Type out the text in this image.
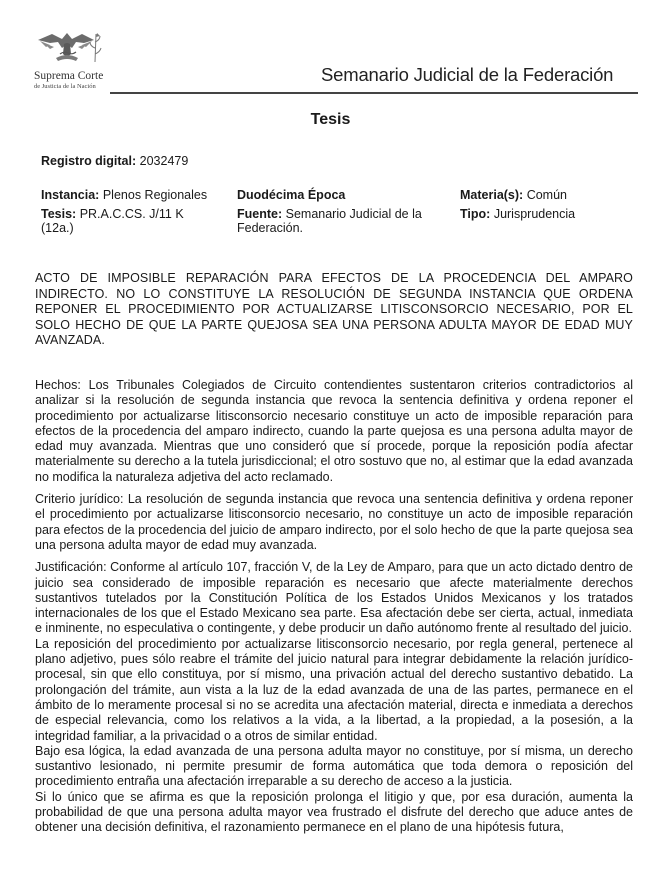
Suprema Corte
de Justicia de la Nación
Semanario Judicial de la Federación
Tesis
Registro digital: 2032479
Instancia: Plenos Regionales	Duodécima Época	Materia(s): Común
Tesis: PR.A.C.CS. J/11 K (12a.)
Fuente: Semanario Judicial de la Federación.
Tipo: Jurisprudencia
ACTO DE IMPOSIBLE REPARACIÓN PARA EFECTOS DE LA PROCEDENCIA DEL AMPARO INDIRECTO. NO LO CONSTITUYE LA RESOLUCIÓN DE SEGUNDA INSTANCIA QUE ORDENA REPONER EL PROCEDIMIENTO POR ACTUALIZARSE LITISCONSORCIO NECESARIO, POR EL SOLO HECHO DE QUE LA PARTE QUEJOSA SEA UNA PERSONA ADULTA MAYOR DE EDAD MUY AVANZADA.

Hechos: Los Tribunales Colegiados de Circuito contendientes sustentaron criterios contradictorios al analizar si la resolución de segunda instancia que revoca la sentencia definitiva y ordena reponer el procedimiento por actualizarse litisconsorcio necesario constituye un acto de imposible reparación para efectos de la procedencia del amparo indirecto, cuando la parte quejosa es una persona adulta mayor de edad muy avanzada. Mientras que uno consideró que sí procede, porque la reposición podía afectar materialmente su derecho a la tutela jurisdiccional; el otro sostuvo que no, al estimar que la edad avanzada no modifica la naturaleza adjetiva del acto reclamado.

Criterio jurídico: La resolución de segunda instancia que revoca una sentencia definitiva y ordena reponer el procedimiento por actualizarse litisconsorcio necesario, no constituye un acto de imposible reparación para efectos de la procedencia del juicio de amparo indirecto, por el solo hecho de que la parte quejosa sea una persona adulta mayor de edad muy avanzada.

Justificación: Conforme al artículo 107, fracción V, de la Ley de Amparo, para que un acto dictado dentro de juicio sea considerado de imposible reparación es necesario que afecte materialmente derechos sustantivos tutelados por la Constitución Política de los Estados Unidos Mexicanos y los tratados internacionales de los que el Estado Mexicano sea parte. Esa afectación debe ser cierta, actual, inmediata e inminente, no especulativa o contingente, y debe producir un daño autónomo frente al resultado del juicio.

La reposición del procedimiento por actualizarse litisconsorcio necesario, por regla general, pertenece al plano adjetivo, pues sólo reabre el trámite del juicio natural para integrar debidamente la relación jurídico-procesal, sin que ello constituya, por sí mismo, una privación actual del derecho sustantivo debatido. La prolongación del trámite, aun vista a la luz de la edad avanzada de una de las partes, permanece en el ámbito de lo meramente procesal si no se acredita una afectación material, directa e inmediata a derechos de especial relevancia, como los relativos a la vida, a la libertad, a la propiedad, a la posesión, a la integridad familiar, a la privacidad o a otros de similar entidad.

Bajo esa lógica, la edad avanzada de una persona adulta mayor no constituye, por sí misma, un derecho sustantivo lesionado, ni permite presumir de forma automática que toda demora o reposición del procedimiento entraña una afectación irreparable a su derecho de acceso a la justicia.

Si lo único que se afirma es que la reposición prolonga el litigio y que, por esa duración, aumenta la probabilidad de que una persona adulta mayor vea frustrado el disfrute del derecho que aduce antes de obtener una decisión definitiva, el razonamiento permanece en el plano de una hipótesis futura,
